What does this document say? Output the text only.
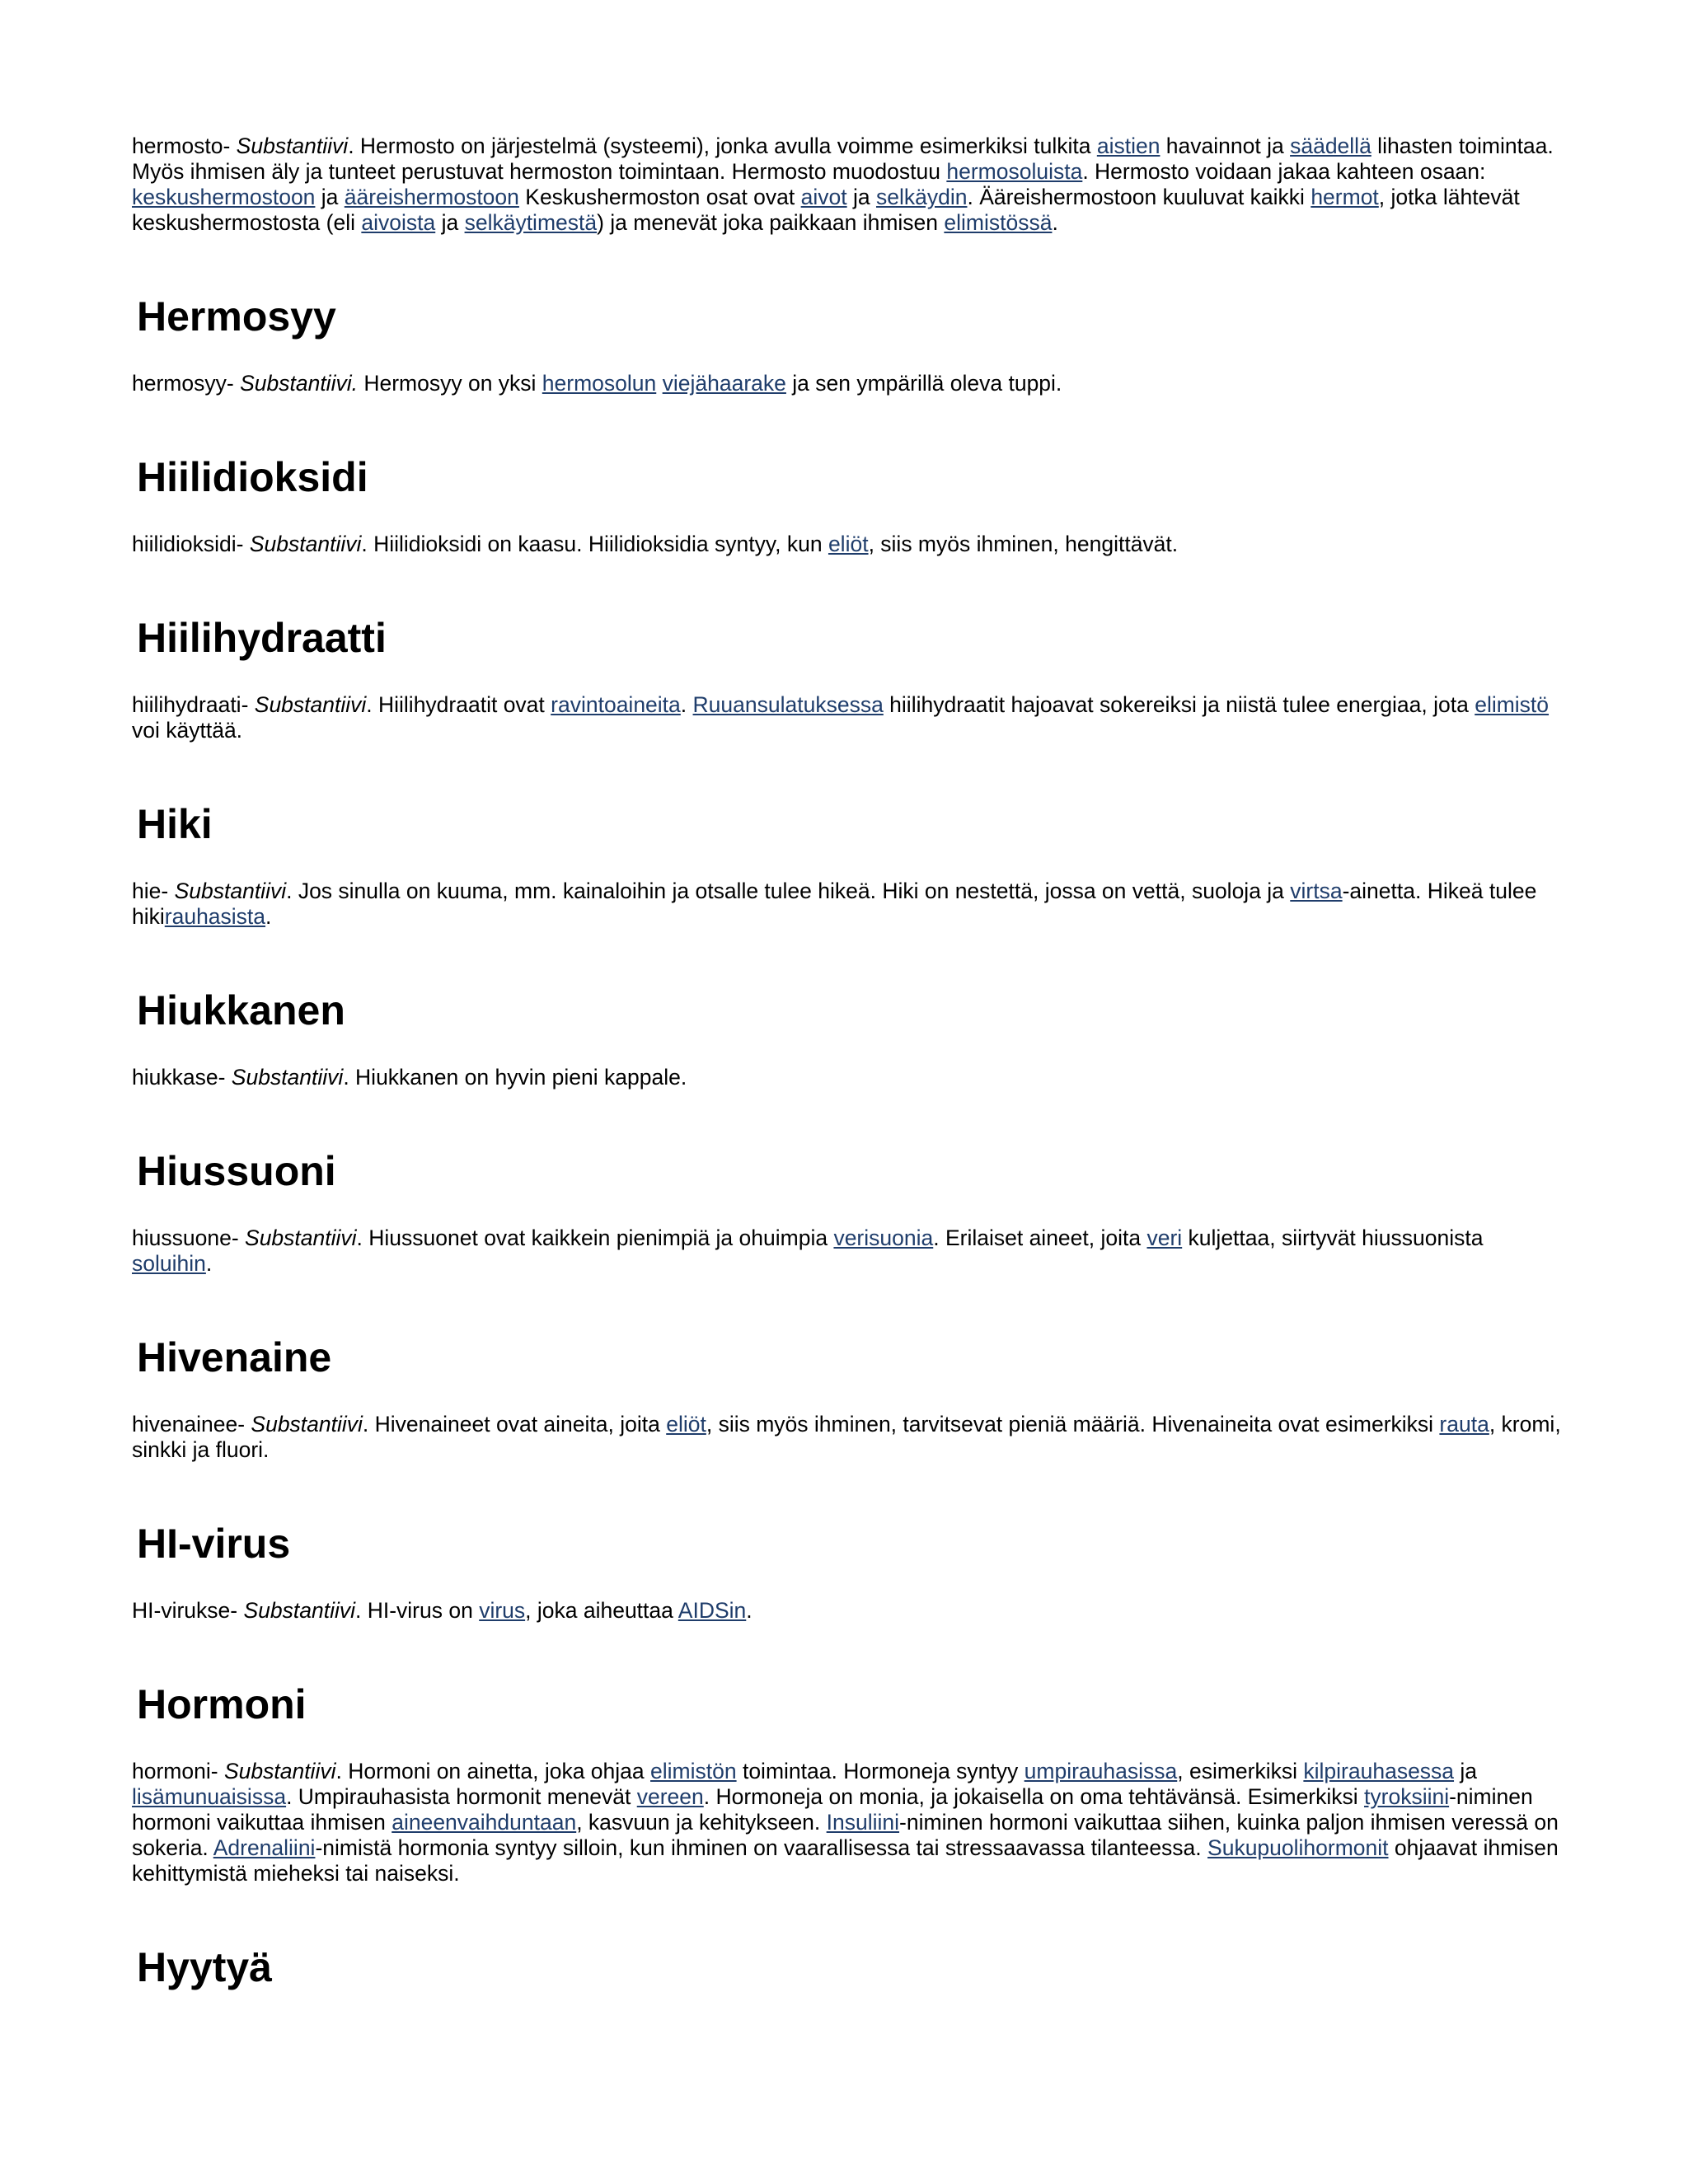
hermosto- Substantiivi. Hermosto on järjestelmä (systeemi), jonka avulla voimme esimerkiksi tulkita aistien havainnot ja säädellä lihasten toimintaa. Myös ihmisen äly ja tunteet perustuvat hermoston toimintaan. Hermosto muodostuu hermosoluista. Hermosto voidaan jakaa kahteen osaan: keskushermostoon ja ääreishermostoon Keskushermoston osat ovat aivot ja selkäydin. Ääreishermostoon kuuluvat kaikki hermot, jotka lähtevät keskushermostosta (eli aivoista ja selkäytimestä) ja menevät joka paikkaan ihmisen elimistössä.

Hermosyy

hermosyy- Substantiivi. Hermosyy on yksi hermosolun viejähaarake ja sen ympärillä oleva tuppi.

Hiilidioksidi

hiilidioksidi- Substantiivi. Hiilidioksidi on kaasu. Hiilidioksidia syntyy, kun eliöt, siis myös ihminen, hengittävät.

Hiilihydraatti

hiilihydraati- Substantiivi. Hiilihydraatit ovat ravintoaineita. Ruuansulatuksessa hiilihydraatit hajoavat sokereiksi ja niistä tulee energiaa, jota elimistö voi käyttää.

Hiki

hie- Substantiivi. Jos sinulla on kuuma, mm. kainaloihin ja otsalle tulee hikeä. Hiki on nestettä, jossa on vettä, suoloja ja virtsa-ainetta. Hikeä tulee hikirauhasista.

Hiukkanen

hiukkase- Substantiivi. Hiukkanen on hyvin pieni kappale.

Hiussuoni

hiussuone- Substantiivi. Hiussuonet ovat kaikkein pienimpiä ja ohuimpia verisuonia. Erilaiset aineet, joita veri kuljettaa, siirtyvät hiussuonista soluihin.

Hivenaine

hivenainee- Substantiivi. Hivenaineet ovat aineita, joita eliöt, siis myös ihminen, tarvitsevat pieniä määriä. Hivenaineita ovat esimerkiksi rauta, kromi, sinkki ja fluori.

HI-virus

HI-virukse- Substantiivi. HI-virus on virus, joka aiheuttaa AIDSin.

Hormoni

hormoni- Substantiivi. Hormoni on ainetta, joka ohjaa elimistön toimintaa. Hormoneja syntyy umpirauhasissa, esimerkiksi kilpirauhasessa ja lisämunuaisissa. Umpirauhasista hormonit menevät vereen. Hormoneja on monia, ja jokaisella on oma tehtävänsä. Esimerkiksi tyroksiini-niminen hormoni vaikuttaa ihmisen aineenvaihduntaan, kasvuun ja kehitykseen. Insuliini-niminen hormoni vaikuttaa siihen, kuinka paljon ihmisen veressä on sokeria. Adrenaliini-nimistä hormonia syntyy silloin, kun ihminen on vaarallisessa tai stressaavassa tilanteessa. Sukupuolihormonit ohjaavat ihmisen kehittymistä mieheksi tai naiseksi.

Hyytyä
